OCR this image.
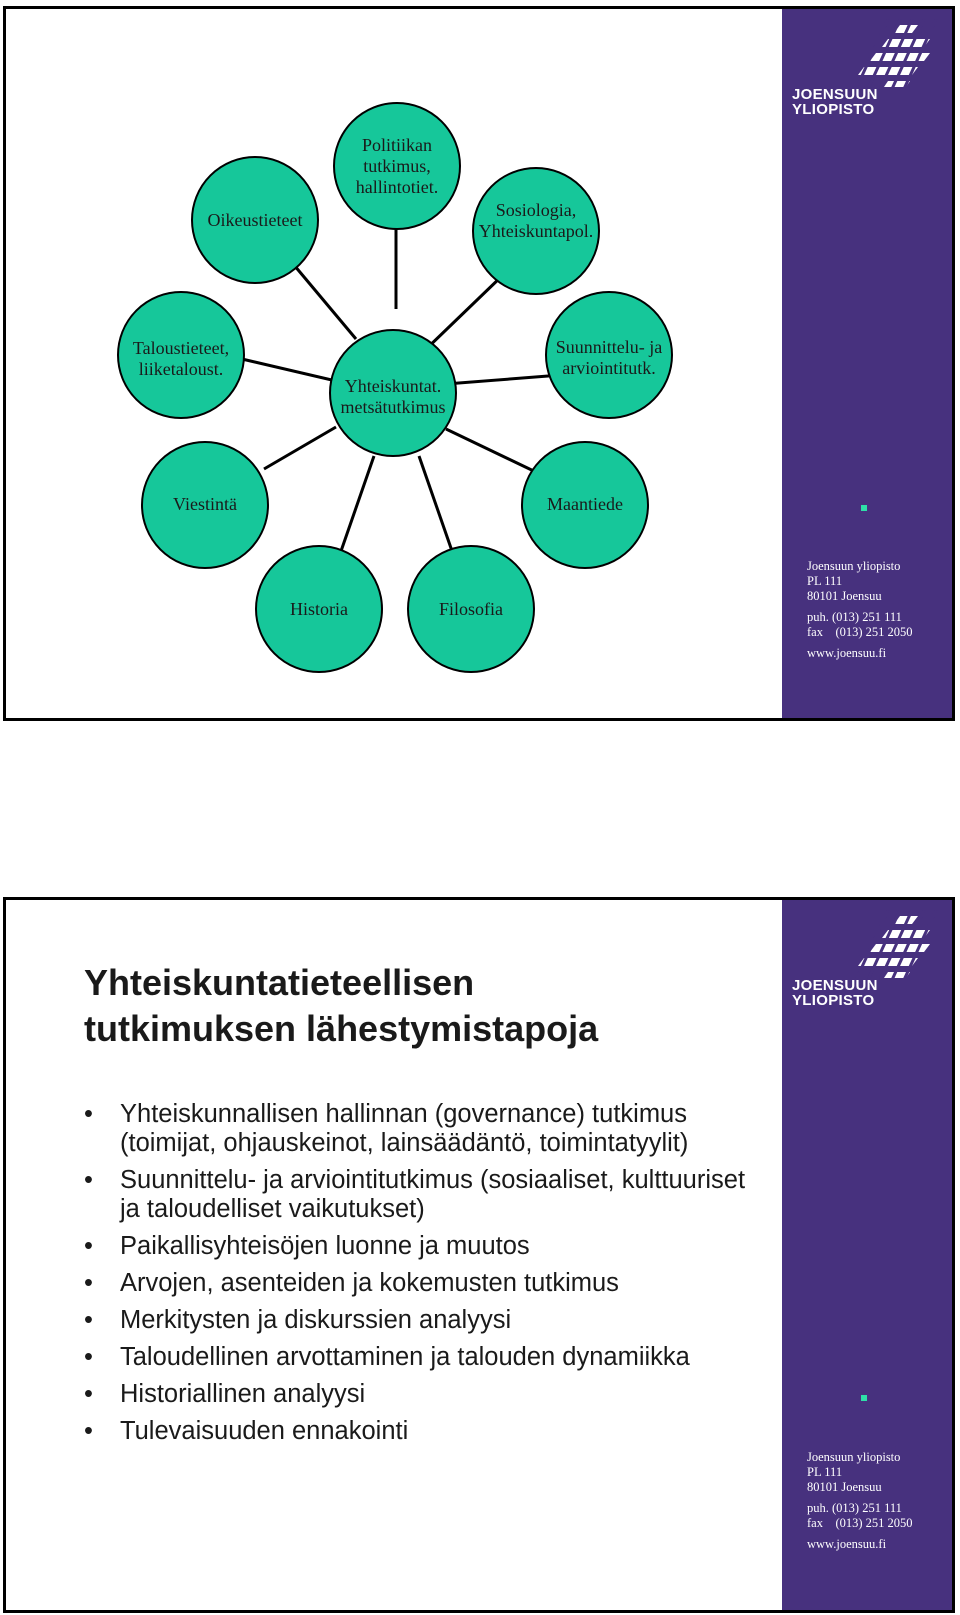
Politiikan tutkimus, hallintotiet.
Sosiologia, Yhteiskuntapol.
Suunnittelu- ja arviointitutk.
Maantiede
Filosofia
Historia
Viestintä
Taloustieteet, liiketaloust.
Oikeustieteet
Yhteiskuntat. metsätutkimus
JOENSUUN
YLIOPISTO
Joensuun yliopisto
PL 111
80101 Joensuu
puh. (013) 251 111
fax    (013) 251 2050
www.joensuu.fi
Yhteiskuntatieteellisen
tutkimuksen lähestymistapoja
• Yhteiskunnallisen hallinnan (governance) tutkimus (toimijat, ohjauskeinot, lainsäädäntö, toimintatyylit)
• Suunnittelu- ja arviointitutkimus (sosiaaliset, kulttuuriset ja taloudelliset vaikutukset)
• Paikallisyhteisöjen luonne ja muutos
• Arvojen, asenteiden ja kokemusten tutkimus
• Merkitysten ja diskurssien analyysi
• Taloudellinen arvottaminen ja talouden dynamiikka
• Historiallinen analyysi
• Tulevaisuuden ennakointi
JOENSUUN
YLIOPISTO
Joensuun yliopisto
PL 111
80101 Joensuu
puh. (013) 251 111
fax    (013) 251 2050
www.joensuu.fi
